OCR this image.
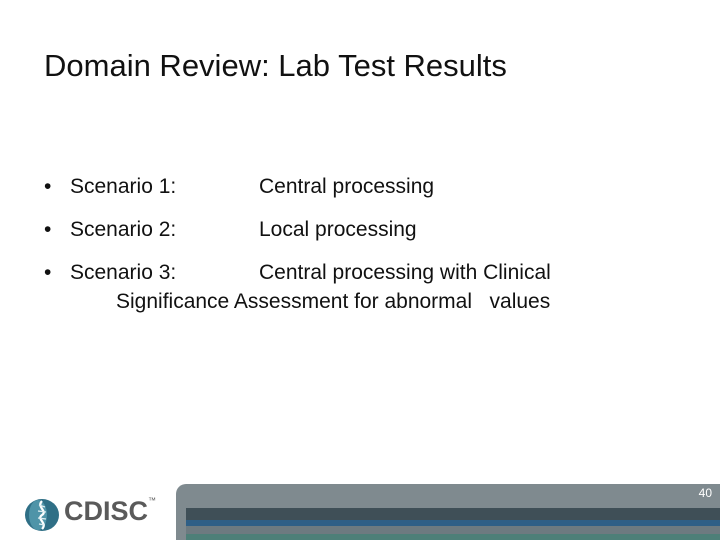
Domain Review: Lab Test Results
• Scenario 1:	Central processing
• Scenario 2:	Local processing
• Scenario 3:	Central processing with Clinical
Significance Assessment for abnormal   values
CDISC™
40
